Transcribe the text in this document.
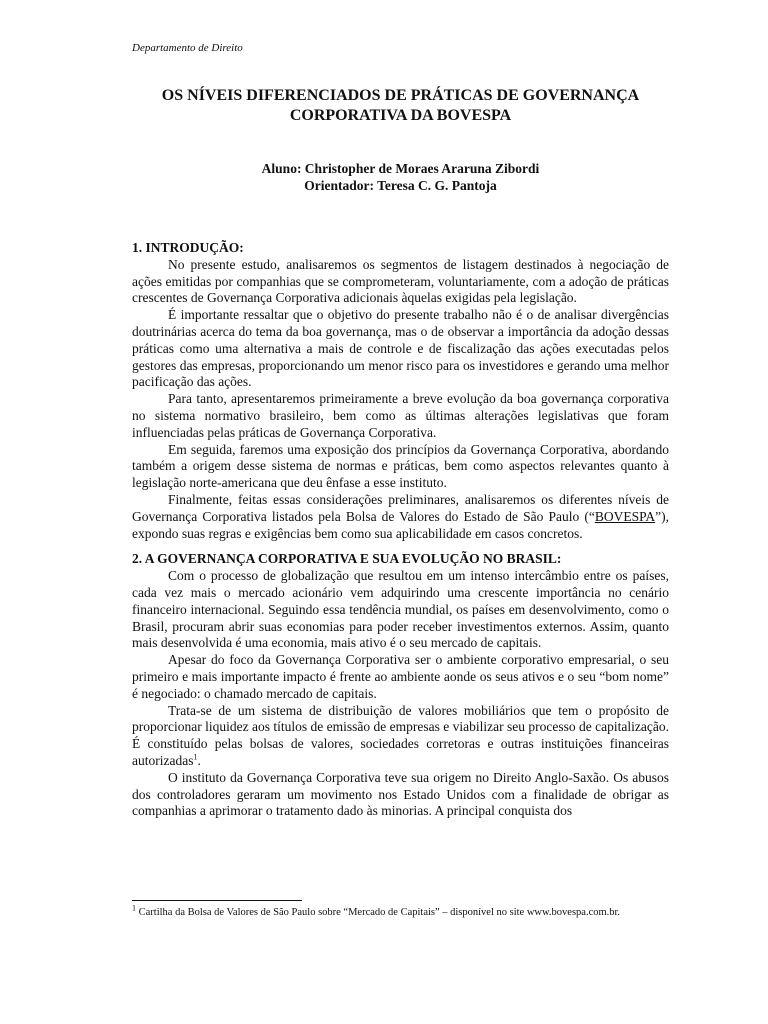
Departamento de Direito
OS NÍVEIS DIFERENCIADOS DE PRÁTICAS DE GOVERNANÇA
CORPORATIVA DA BOVESPA
Aluno: Christopher de Moraes Araruna Zibordi
Orientador: Teresa C. G. Pantoja

1. INTRODUÇÃO:

No presente estudo, analisaremos os segmentos de listagem destinados à negociação de ações emitidas por companhias que se comprometeram, voluntariamente, com a adoção de práticas crescentes de Governança Corporativa adicionais àquelas exigidas pela legislação.

É importante ressaltar que o objetivo do presente trabalho não é o de analisar divergências doutrinárias acerca do tema da boa governança, mas o de observar a importância da adoção dessas práticas como uma alternativa a mais de controle e de fiscalização das ações executadas pelos gestores das empresas, proporcionando um menor risco para os investidores e gerando uma melhor pacificação das ações.

Para tanto, apresentaremos primeiramente a breve evolução da boa governança corporativa no sistema normativo brasileiro, bem como as últimas alterações legislativas que foram influenciadas pelas práticas de Governança Corporativa.

Em seguida, faremos uma exposição dos princípios da Governança Corporativa, abordando também a origem desse sistema de normas e práticas, bem como aspectos relevantes quanto à legislação norte-americana que deu ênfase a esse instituto.

Finalmente, feitas essas considerações preliminares, analisaremos os diferentes níveis de Governança Corporativa listados pela Bolsa de Valores do Estado de São Paulo (“BOVESPA”), expondo suas regras e exigências bem como sua aplicabilidade em casos concretos.

2. A GOVERNANÇA CORPORATIVA E SUA EVOLUÇÃO NO BRASIL:

Com o processo de globalização que resultou em um intenso intercâmbio entre os países, cada vez mais o mercado acionário vem adquirindo uma crescente importância no cenário financeiro internacional. Seguindo essa tendência mundial, os países em desenvolvimento, como o Brasil, procuram abrir suas economias para poder receber investimentos externos. Assim, quanto mais desenvolvida é uma economia, mais ativo é o seu mercado de capitais.

Apesar do foco da Governança Corporativa ser o ambiente corporativo empresarial, o seu primeiro e mais importante impacto é frente ao ambiente aonde os seus ativos e o seu “bom nome” é negociado: o chamado mercado de capitais.

Trata-se de um sistema de distribuição de valores mobiliários que tem o propósito de proporcionar liquidez aos títulos de emissão de empresas e viabilizar seu processo de capitalização. É constituído pelas bolsas de valores, sociedades corretoras e outras instituições financeiras autorizadas$^1$.

O instituto da Governança Corporativa teve sua origem no Direito Anglo-Saxão. Os abusos dos controladores geraram um movimento nos Estado Unidos com a finalidade de obrigar as companhias a aprimorar o tratamento dado às minorias. A principal conquista dos

$^1$ Cartilha da Bolsa de Valores de São Paulo sobre “Mercado de Capitais” – disponível no site www.bovespa.com.br.
